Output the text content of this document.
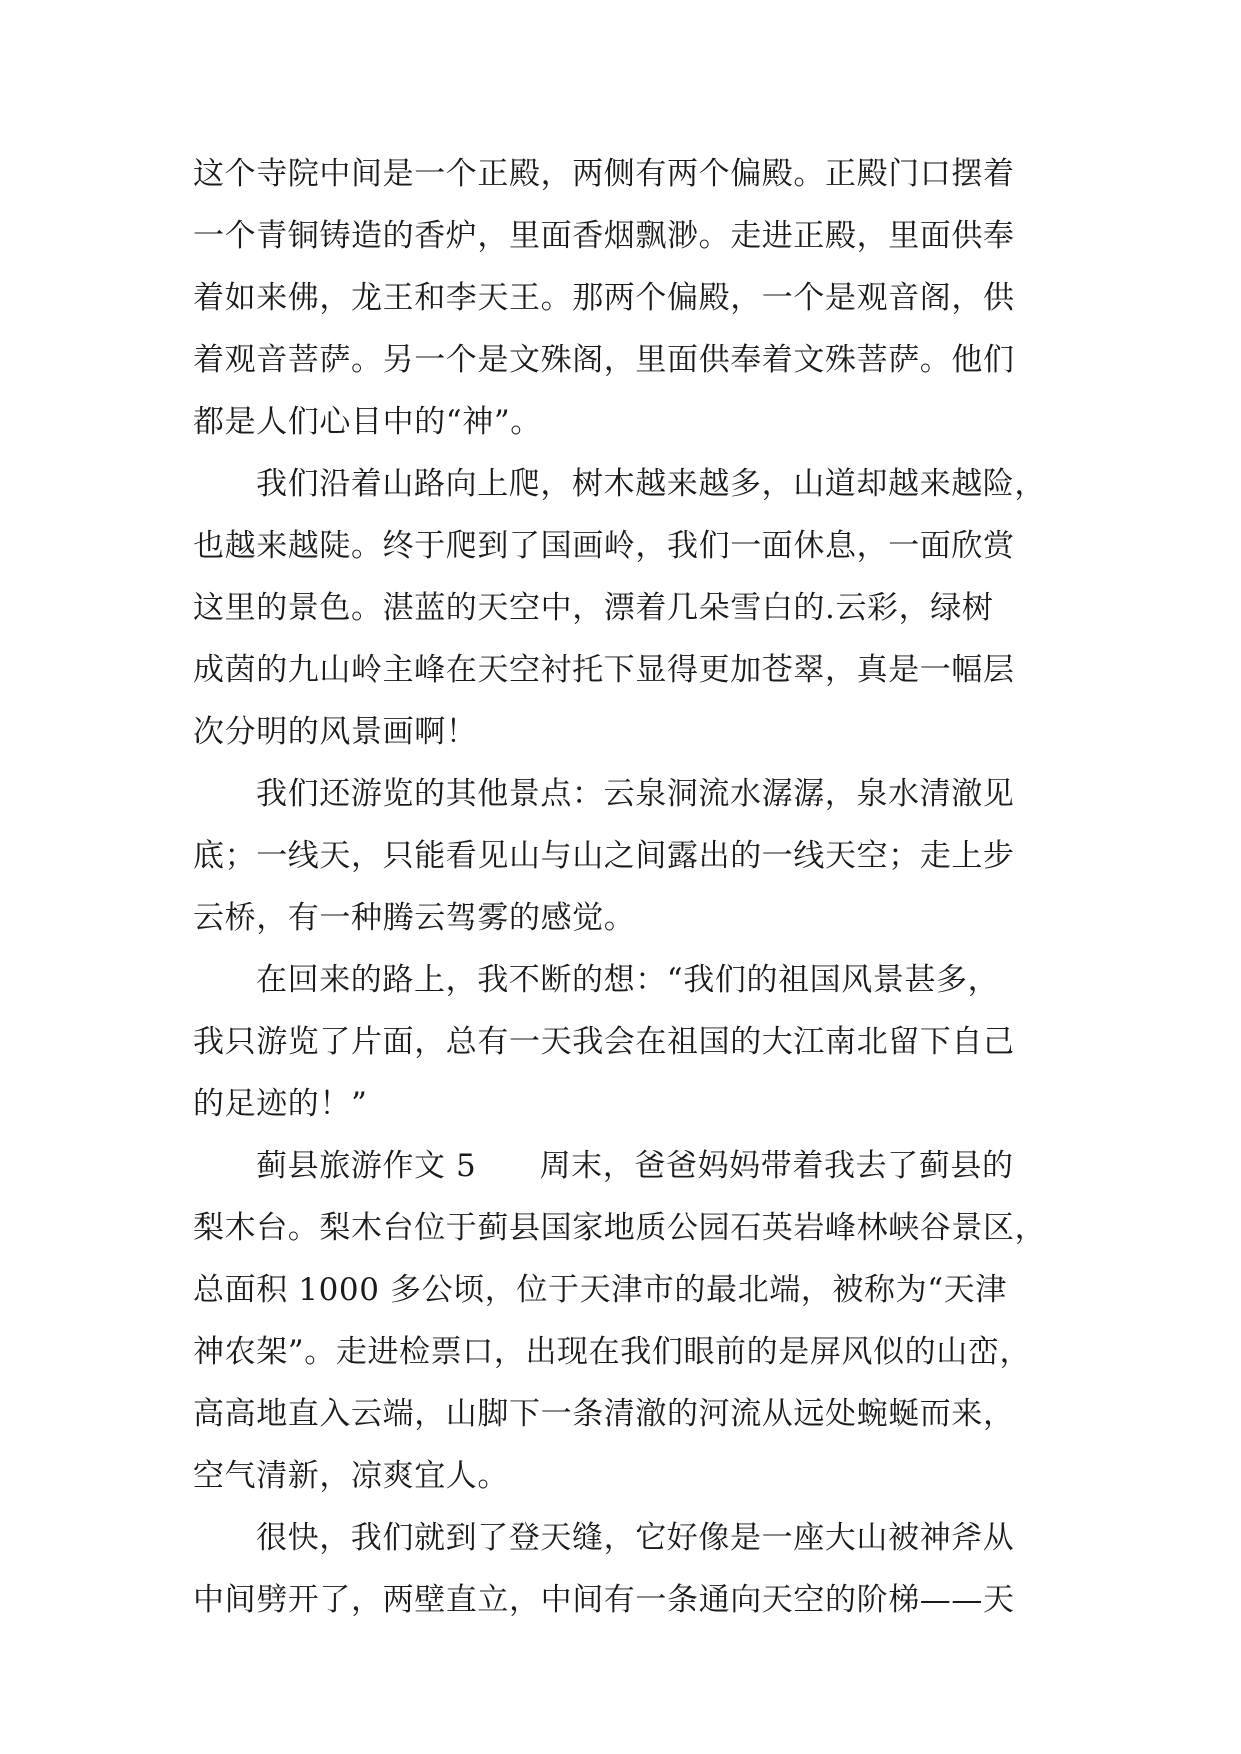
这个寺院中间是一个正殿，两侧有两个偏殿。正殿门口摆着
一个青铜铸造的香炉，里面香烟飘渺。走进正殿，里面供奉
着如来佛，龙王和李天王。那两个偏殿，一个是观音阁，供
着观音菩萨。另一个是文殊阁，里面供奉着文殊菩萨。他们
都是人们心目中的“神”。
我们沿着山路向上爬，树木越来越多，山道却越来越险，
也越来越陡。终于爬到了国画岭，我们一面休息，一面欣赏
这里的景色。湛蓝的天空中，漂着几朵雪白的.云彩，绿树
成茵的九山岭主峰在天空衬托下显得更加苍翠，真是一幅层
次分明的风景画啊！
我们还游览的其他景点：云泉洞流水潺潺，泉水清澈见
底；一线天，只能看见山与山之间露出的一线天空；走上步
云桥，有一种腾云驾雾的感觉。
在回来的路上，我不断的想：“我们的祖国风景甚多，
我只游览了片面，总有一天我会在祖国的大江南北留下自己
的足迹的！”
蓟县旅游作文 5　　周末，爸爸妈妈带着我去了蓟县的
梨木台。梨木台位于蓟县国家地质公园石英岩峰林峡谷景区，
总面积 1000 多公顷，位于天津市的最北端，被称为“天津
神农架”。走进检票口，出现在我们眼前的是屏风似的山峦，
高高地直入云端，山脚下一条清澈的河流从远处蜿蜒而来，
空气清新，凉爽宜人。
很快，我们就到了登天缝，它好像是一座大山被神斧从
中间劈开了，两壁直立，中间有一条通向天空的阶梯——天
